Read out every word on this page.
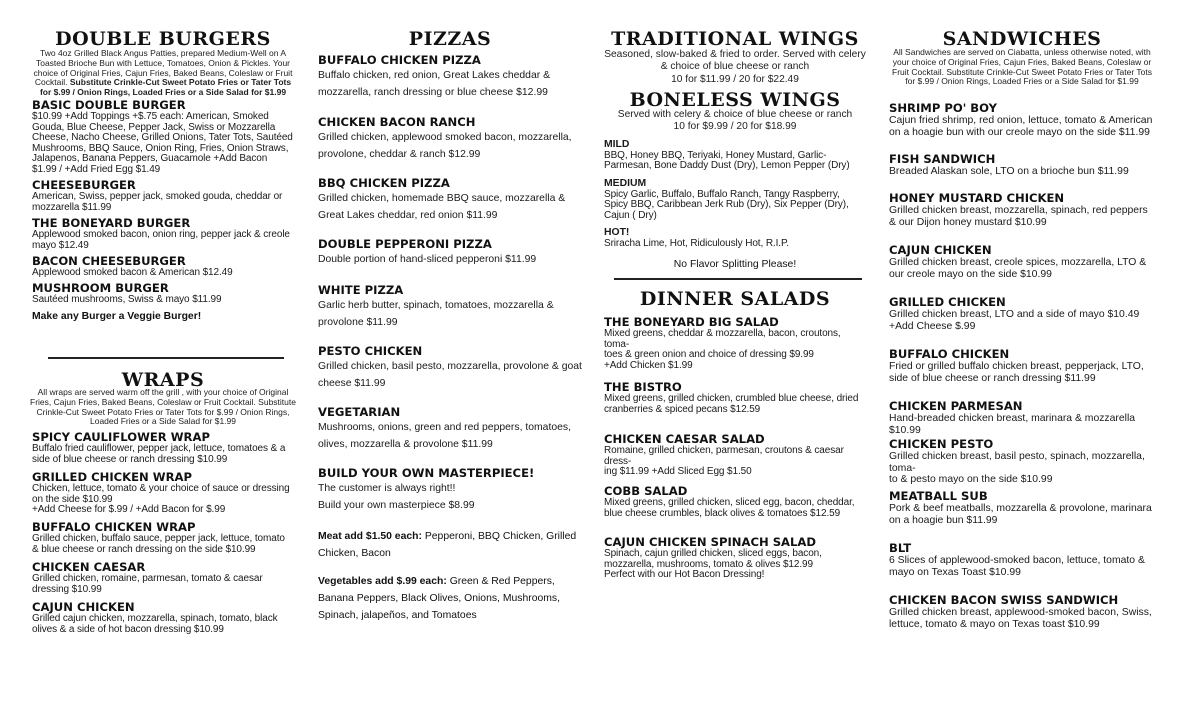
DOUBLE BURGERS
Two 4oz Grilled Black Angus Patties, prepared Medium-Well on A Toasted Brioche Bun with Lettuce, Tomatoes, Onion & Pickles. Your choice of Original Fries, Cajun Fries, Baked Beans, Coleslaw or Fruit Cocktail. Substitute Crinkle-Cut Sweet Potato Fries or Tater Tots for $.99 / Onion Rings, Loaded Fries or a Side Salad for $1.99
BASIC DOUBLE BURGER
$10.99 +Add Toppings +$.75 each: American, Smoked Gouda, Blue Cheese, Pepper Jack, Swiss or Mozzarella Cheese, Nacho Cheese, Grilled Onions, Tater Tots, Sautéed Mushrooms, BBQ Sauce, Onion Ring, Fries, Onion Straws, Jalapenos, Banana Peppers, Guacamole +Add Bacon $1.99 / +Add Fried Egg $1.49
CHEESEBURGER
American, Swiss, pepper jack, smoked gouda, cheddar or mozzarella $11.99
THE BONEYARD BURGER
Applewood smoked bacon, onion ring, pepper jack & creole mayo $12.49
BACON CHEESEBURGER
Applewood smoked bacon & American $12.49
MUSHROOM BURGER
Sautéed mushrooms, Swiss & mayo $11.99
Make any Burger a Veggie Burger!
WRAPS
All wraps are served warm off the grill , with your choice of Original Fries, Cajun Fries, Baked Beans, Coleslaw or Fruit Cocktail. Substitute Crinkle-Cut Sweet Potato Fries or Tater Tots for $.99 / Onion Rings, Loaded Fries or a Side Salad for $1.99
SPICY CAULIFLOWER WRAP
Buffalo fried cauliflower, pepper jack, lettuce, tomatoes & a side of blue cheese or ranch dressing $10.99
GRILLED CHICKEN WRAP
Chicken, lettuce, tomato & your choice of sauce or dressing on the side $10.99
+Add Cheese for $.99 / +Add Bacon for $.99
BUFFALO CHICKEN WRAP
Grilled chicken, buffalo sauce, pepper jack, lettuce, tomato & blue cheese or ranch dressing on the side $10.99
CHICKEN CAESAR
Grilled chicken, romaine, parmesan, tomato & caesar dressing $10.99
CAJUN CHICKEN
Grilled cajun chicken, mozzarella, spinach, tomato, black olives & a side of hot bacon dressing $10.99
PIZZAS
BUFFALO CHICKEN PIZZA
Buffalo chicken, red onion, Great Lakes cheddar & mozzarella, ranch dressing or blue cheese $12.99
CHICKEN BACON RANCH
Grilled chicken, applewood smoked bacon, mozzarella, provolone, cheddar & ranch $12.99
BBQ CHICKEN PIZZA
Grilled chicken, homemade BBQ sauce, mozzarella & Great Lakes cheddar, red onion $11.99
DOUBLE PEPPERONI PIZZA
Double portion of hand-sliced pepperoni $11.99
WHITE PIZZA
Garlic herb butter, spinach, tomatoes, mozzarella & provolone $11.99
PESTO CHICKEN
Grilled chicken, basil pesto, mozzarella, provolone & goat cheese $11.99
VEGETARIAN
Mushrooms, onions, green and red peppers, tomatoes, olives, mozzarella & provolone $11.99
BUILD YOUR OWN MASTERPIECE!
The customer is always right!!
Build your own masterpiece $8.99
Meat add $1.50 each: Pepperoni, BBQ Chicken, Grilled Chicken, Bacon
Vegetables add $.99 each: Green & Red Peppers, Banana Peppers, Black Olives, Onions, Mushrooms, Spinach, jalapeños, and Tomatoes
TRADITIONAL WINGS
Seasoned, slow-baked & fried to order. Served with celery & choice of blue cheese or ranch
10 for $11.99 / 20 for $22.49
BONELESS WINGS
Served with celery & choice of blue cheese or ranch
10 for $9.99 / 20 for $18.99
MILD
BBQ, Honey BBQ, Teriyaki, Honey Mustard, Garlic-Parmesan, Bone Daddy Dust (Dry), Lemon Pepper (Dry)
MEDIUM
Spicy Garlic, Buffalo, Buffalo Ranch, Tangy Raspberry, Spicy BBQ, Caribbean Jerk Rub (Dry), Six Pepper (Dry), Cajun ( Dry)
HOT!
Sriracha Lime, Hot, Ridiculously Hot, R.I.P.
No Flavor Splitting Please!
DINNER SALADS
THE BONEYARD BIG SALAD
Mixed greens, cheddar & mozzarella, bacon, croutons, toma-
toes & green onion and choice of dressing $9.99
+Add Chicken $1.99
THE BISTRO
Mixed greens, grilled chicken, crumbled blue cheese, dried cranberries & spiced pecans $12.59
CHICKEN CAESAR SALAD
Romaine, grilled chicken, parmesan, croutons & caesar dress-
ing $11.99 +Add Sliced Egg $1.50
COBB SALAD
Mixed greens, grilled chicken, sliced egg, bacon, cheddar, blue cheese crumbles, black olives & tomatoes $12.59
CAJUN CHICKEN SPINACH SALAD
Spinach, cajun grilled chicken, sliced eggs, bacon, mozzarella, mushrooms, tomato & olives $12.99
Perfect with our Hot Bacon Dressing!
SANDWICHES
All Sandwiches are served on Ciabatta, unless otherwise noted, with your choice of Original Fries, Cajun Fries, Baked Beans, Coleslaw or Fruit Cocktail. Substitute Crinkle-Cut Sweet Potato Fries or Tater Tots for $.99 / Onion Rings, Loaded Fries or a Side Salad for $1.99
SHRIMP PO' BOY
Cajun fried shrimp, red onion, lettuce, tomato & American on a hoagie bun with our creole mayo on the side $11.99
FISH SANDWICH
Breaded Alaskan sole, LTO on a brioche bun $11.99
HONEY MUSTARD CHICKEN
Grilled chicken breast, mozzarella, spinach, red peppers & our Dijon honey mustard $10.99
CAJUN CHICKEN
Grilled chicken breast, creole spices, mozzarella, LTO & our creole mayo on the side $10.99
GRILLED CHICKEN
Grilled chicken breast, LTO and a side of mayo $10.49
+Add Cheese $.99
BUFFALO CHICKEN
Fried or grilled buffalo chicken breast, pepperjack, LTO, side of blue cheese or ranch dressing $11.99
CHICKEN PARMESAN
Hand-breaded chicken breast, marinara & mozzarella $10.99
CHICKEN PESTO
Grilled chicken breast, basil pesto, spinach, mozzarella, toma-
to & pesto mayo on the side $10.99
MEATBALL SUB
Pork & beef meatballs, mozzarella & provolone, marinara on a hoagie bun $11.99
BLT
6 Slices of applewood-smoked bacon, lettuce, tomato & mayo on Texas Toast $10.99
CHICKEN BACON SWISS SANDWICH
Grilled chicken breast, applewood-smoked bacon, Swiss, lettuce, tomato & mayo on Texas toast $10.99
